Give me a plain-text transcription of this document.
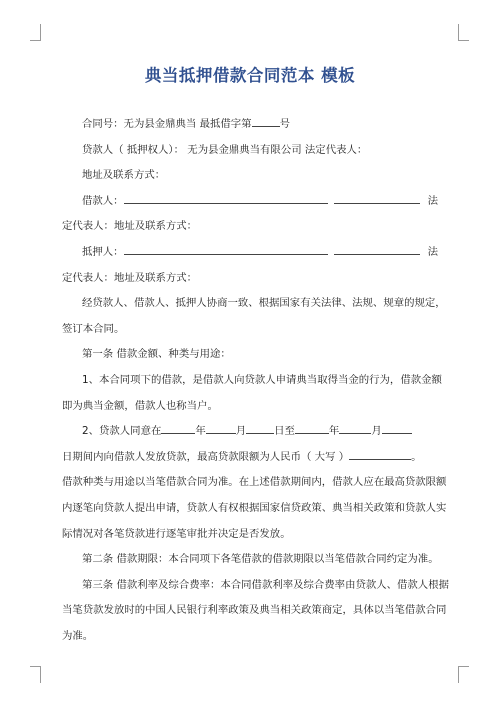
典当抵押借款合同范本 模板

合同号：无为县金鼎典当 最抵借字第	号

贷款人（ 抵押权人）： 无为县金鼎典当有限公司 法定代表人：

地址及联系方式：

借款人：	法

定代表人：地址及联系方式：

抵押人：	法

定代表人：地址及联系方式：

经贷款人、借款人、抵押人协商一致、根据国家有关法律、法规、规章的规定，

签订本合同。

第一条 借款金额、种类与用途：

1、本合同项下的借款，是借款人向贷款人申请典当取得当金的行为，借款金额

即为典当金额，借款人也称当户。

2、贷款人同意在	年	月	日至	年	月

日期间内向借款人发放贷款，最高贷款限额为人民币（ 大写 ）	。

借款种类与用途以当笔借款合同为准。在上述借款期间内，借款人应在最高贷款限额

内逐笔向贷款人提出申请，贷款人有权根据国家信贷政策、典当相关政策和贷款人实

际情况对各笔贷款进行逐笔审批并决定是否发放。

第二条 借款期限：本合同项下各笔借款的借款期限以当笔借款合同约定为准。

第三条 借款利率及综合费率：本合同借款利率及综合费率由贷款人、借款人根据

当笔贷款发放时的中国人民银行利率政策及典当相关政策商定，具体以当笔借款合同

为准。
